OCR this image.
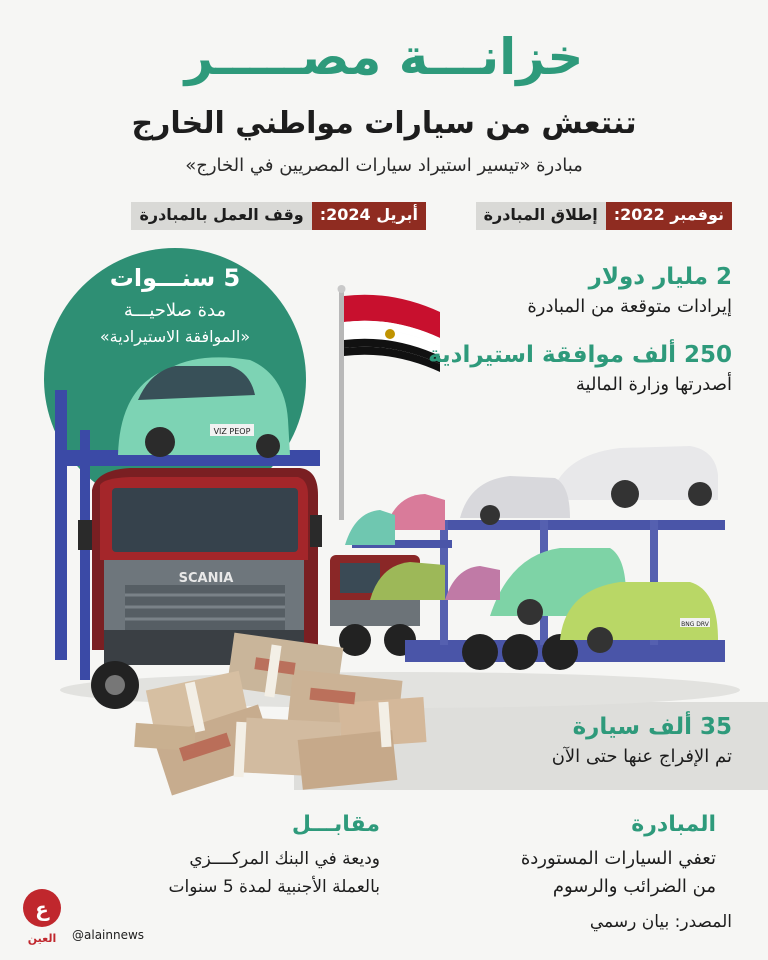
خزانـــة مصـــــر
تنتعش من سيارات مواطني الخارج
مبادرة «تيسير استيراد سيارات المصريين في الخارج»
نوفمبر 2022:
إطلاق المبادرة
أبريل 2024:
وقف العمل بالمبادرة
BNG DRV
VIZ PEOP
SCANIA
5 سنـــوات
مدة صلاحيـــة
«الموافقة الاستيرادية»
2 مليار دولار
إيرادات متوقعة من المبادرة
250 ألف موافقة استيرادية
أصدرتها وزارة المالية
35 ألف سيارة
تم الإفراج عنها حتى الآن
المبادرة
تعفي السيارات المستوردة
من الضرائب والرسوم
مقابـــل
وديعة في البنك المركــــزي
بالعملة الأجنبية لمدة 5 سنوات
المصدر: بيان رسمي
@alainnews
ع
العين
